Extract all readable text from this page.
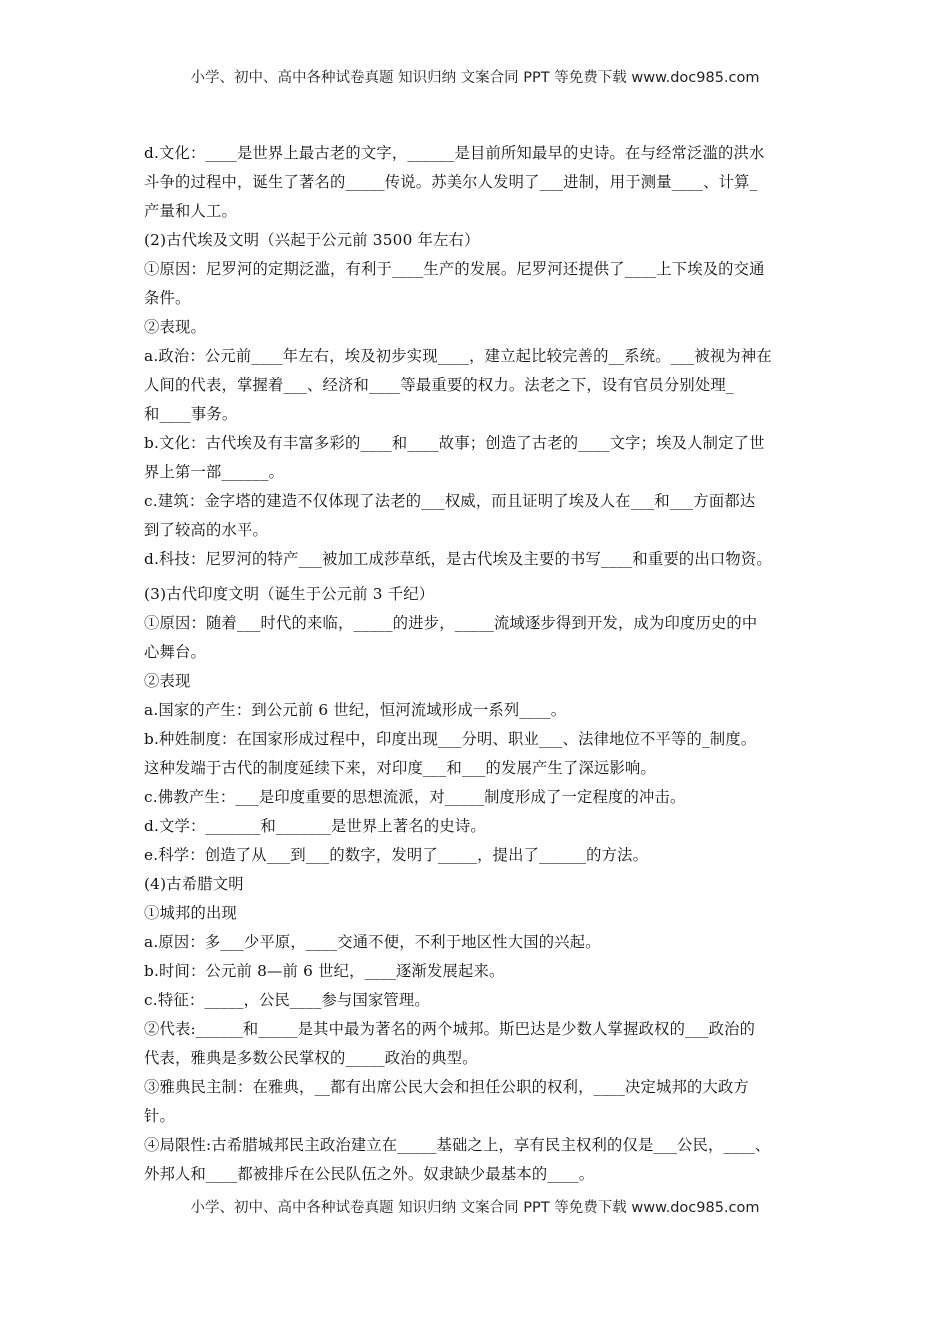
小学、初中、高中各种试卷真题 知识归纳 文案合同 PPT 等免费下载 www.doc985.com
d.文化：____是世界上最古老的文字，______是目前所知最早的史诗。在与经常泛滥的洪水
斗争的过程中，诞生了著名的_____传说。苏美尔人发明了___进制，用于测量____、计算_
产量和人工。
(2)古代埃及文明（兴起于公元前 3500 年左右）
①原因：尼罗河的定期泛滥，有利于____生产的发展。尼罗河还提供了____上下埃及的交通
条件。
②表现。
a.政治：公元前____年左右，埃及初步实现____，建立起比较完善的__系统。___被视为神在
人间的代表，掌握着___、经济和____等最重要的权力。法老之下，设有官员分别处理_
和____事务。
b.文化：古代埃及有丰富多彩的____和____故事；创造了古老的____文字；埃及人制定了世
界上第一部______。
c.建筑：金字塔的建造不仅体现了法老的___权威，而且证明了埃及人在___和___方面都达
到了较高的水平。
d.科技：尼罗河的特产___被加工成莎草纸，是古代埃及主要的书写____和重要的出口物资。
(3)古代印度文明（诞生于公元前 3 千纪）
①原因：随着___时代的来临，_____的进步，_____流域逐步得到开发，成为印度历史的中
心舞台。
②表现
a.国家的产生：到公元前 6 世纪，恒河流域形成一系列____。
b.种姓制度：在国家形成过程中，印度出现___分明、职业___、法律地位不平等的_制度。
这种发端于古代的制度延续下来，对印度___和___的发展产生了深远影响。
c.佛教产生：___是印度重要的思想流派，对_____制度形成了一定程度的冲击。
d.文学：_______和_______是世界上著名的史诗。
e.科学：创造了从___到___的数字，发明了_____，提出了______的方法。
(4)古希腊文明
①城邦的出现
a.原因：多___少平原，____交通不便，不利于地区性大国的兴起。
b.时间：公元前 8—前 6 世纪，____逐渐发展起来。
c.特征：_____，公民____参与国家管理。
②代表:______和_____是其中最为著名的两个城邦。斯巴达是少数人掌握政权的___政治的
代表，雅典是多数公民掌权的_____政治的典型。
③雅典民主制：在雅典，__都有出席公民大会和担任公职的权利，____决定城邦的大政方
针。
④局限性:古希腊城邦民主政治建立在_____基础之上，享有民主权利的仅是___公民，____、
外邦人和____都被排斥在公民队伍之外。奴隶缺少最基本的____。
小学、初中、高中各种试卷真题 知识归纳 文案合同 PPT 等免费下载 www.doc985.com
